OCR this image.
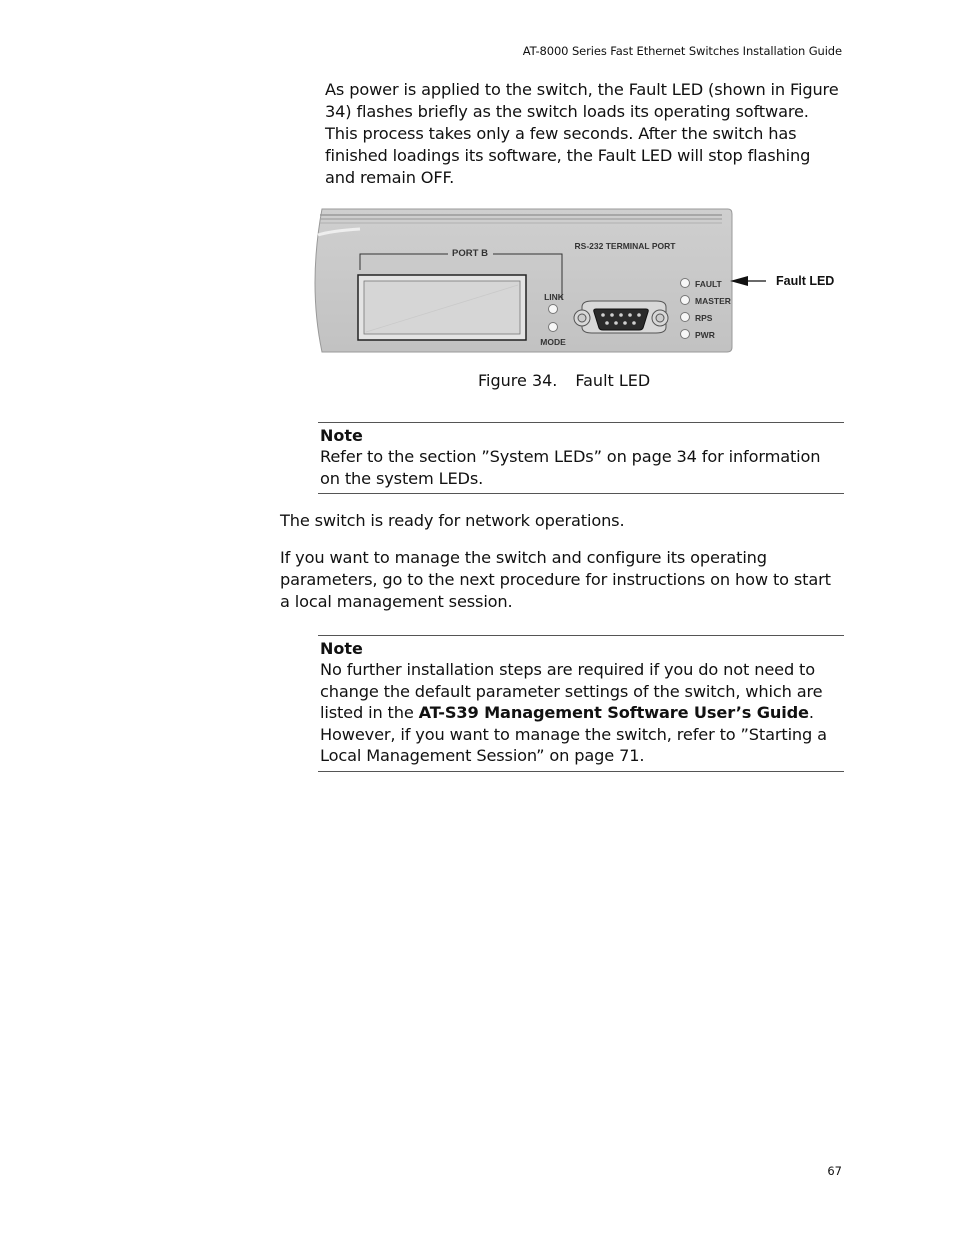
AT-8000 Series Fast Ethernet Switches Installation Guide

As power is applied to the switch, the Fault LED (shown in Figure 34) flashes briefly as the switch loads its operating software. This process takes only a few seconds. After the switch has finished loadings its software, the Fault LED will stop flashing and remain OFF.

PORT B
LINK
MODE
RS-232 TERMINAL PORT
FAULT
MASTER
RPS
PWR
Fault LED
Figure 34. Fault LED
Note
Refer to the section ”System LEDs” on page 34 for information on the system LEDs.

The switch is ready for network operations.

If you want to manage the switch and configure its operating parameters, go to the next procedure for instructions on how to start a local management session.

Note
No further installation steps are required if you do not need to change the default parameter settings of the switch, which are listed in the AT-S39 Management Software User’s Guide. However, if you want to manage the switch, refer to ”Starting a Local Management Session” on page 71.
67
